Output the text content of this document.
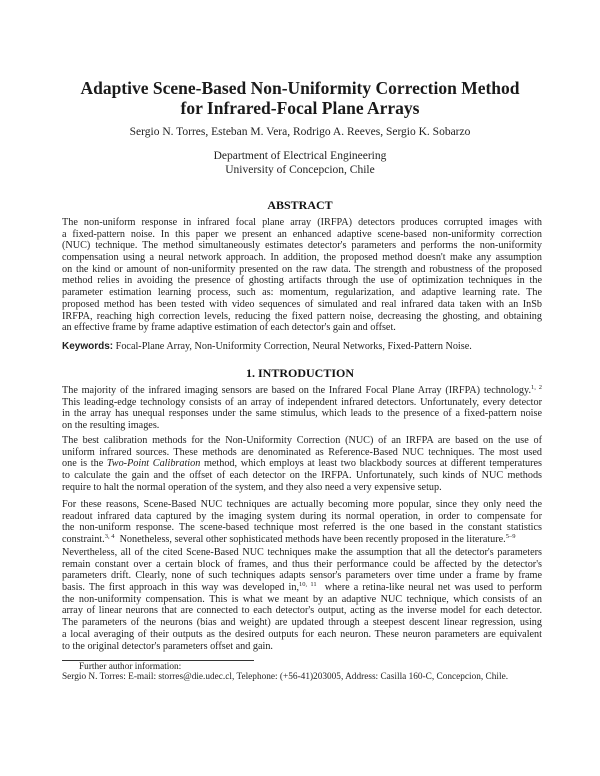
Adaptive Scene-Based Non-Uniformity Correction Method
for Infrared-Focal Plane Arrays
Sergio N. Torres, Esteban M. Vera, Rodrigo A. Reeves, Sergio K. Sobarzo
Department of Electrical Engineering
University of Concepcion, Chile
ABSTRACT
The non-uniform response in infrared focal plane array (IRFPA) detectors produces corrupted images with
a fixed-pattern noise. In this paper we present an enhanced adaptive scene-based non-uniformity correction
(NUC) technique. The method simultaneously estimates detector's parameters and performs the non-uniformity
compensation using a neural network approach. In addition, the proposed method doesn't make any assumption
on the kind or amount of non-uniformity presented on the raw data. The strength and robustness of the proposed
method relies in avoiding the presence of ghosting artifacts through the use of optimization techniques in the
parameter estimation learning process, such as: momentum, regularization, and adaptive learning rate. The
proposed method has been tested with video sequences of simulated and real infrared data taken with an InSb
IRFPA, reaching high correction levels, reducing the fixed pattern noise, decreasing the ghosting, and obtaining
an effective frame by frame adaptive estimation of each detector's gain and offset.
Keywords: Focal-Plane Array, Non-Uniformity Correction, Neural Networks, Fixed-Pattern Noise.
1. INTRODUCTION
The majority of the infrared imaging sensors are based on the Infrared Focal Plane Array (IRFPA) technology.$^{1, 2}$
This leading-edge technology consists of an array of independent infrared detectors. Unfortunately, every detector
in the array has unequal responses under the same stimulus, which leads to the presence of a fixed-pattern noise
on the resulting images.
The best calibration methods for the Non-Uniformity Correction (NUC) of an IRFPA are based on the use of
uniform infrared sources. These methods are denominated as Reference-Based NUC techniques. The most used
one is the Two-Point Calibration method, which employs at least two blackbody sources at different temperatures
to calculate the gain and the offset of each detector on the IRFPA. Unfortunately, such kinds of NUC methods
require to halt the normal operation of the system, and they also need a very expensive setup.
For these reasons, Scene-Based NUC techniques are actually becoming more popular, since they only need the
readout infrared data captured by the imaging system during its normal operation, in order to compensate for
the non-uniform response. The scene-based technique most referred is the one based in the constant statistics
constraint.$^{3, 4}$  Nonetheless, several other sophisticated methods have been recently proposed in the literature.$^{5-9}$
Nevertheless, all of the cited Scene-Based NUC techniques make the assumption that all the detector's parameters
remain constant over a certain block of frames, and thus their performance could be affected by the detector's
parameters drift. Clearly, none of such techniques adapts sensor's parameters over time under a frame by frame
basis. The first approach in this way was developed in,$^{10, 11}$  where a retina-like neural net was used to perform
the non-uniformity compensation. This is what we meant by an adaptive NUC technique, which consists of an
array of linear neurons that are connected to each detector's output, acting as the inverse model for each detector.
The parameters of the neurons (bias and weight) are updated through a steepest descent linear regression, using
a local averaging of their outputs as the desired outputs for each neuron. These neuron parameters are equivalent
to the original detector's parameters offset and gain.
Further author information:
Sergio N. Torres: E-mail: storres@die.udec.cl, Telephone: (+56-41)203005, Address: Casilla 160-C, Concepcion, Chile.
